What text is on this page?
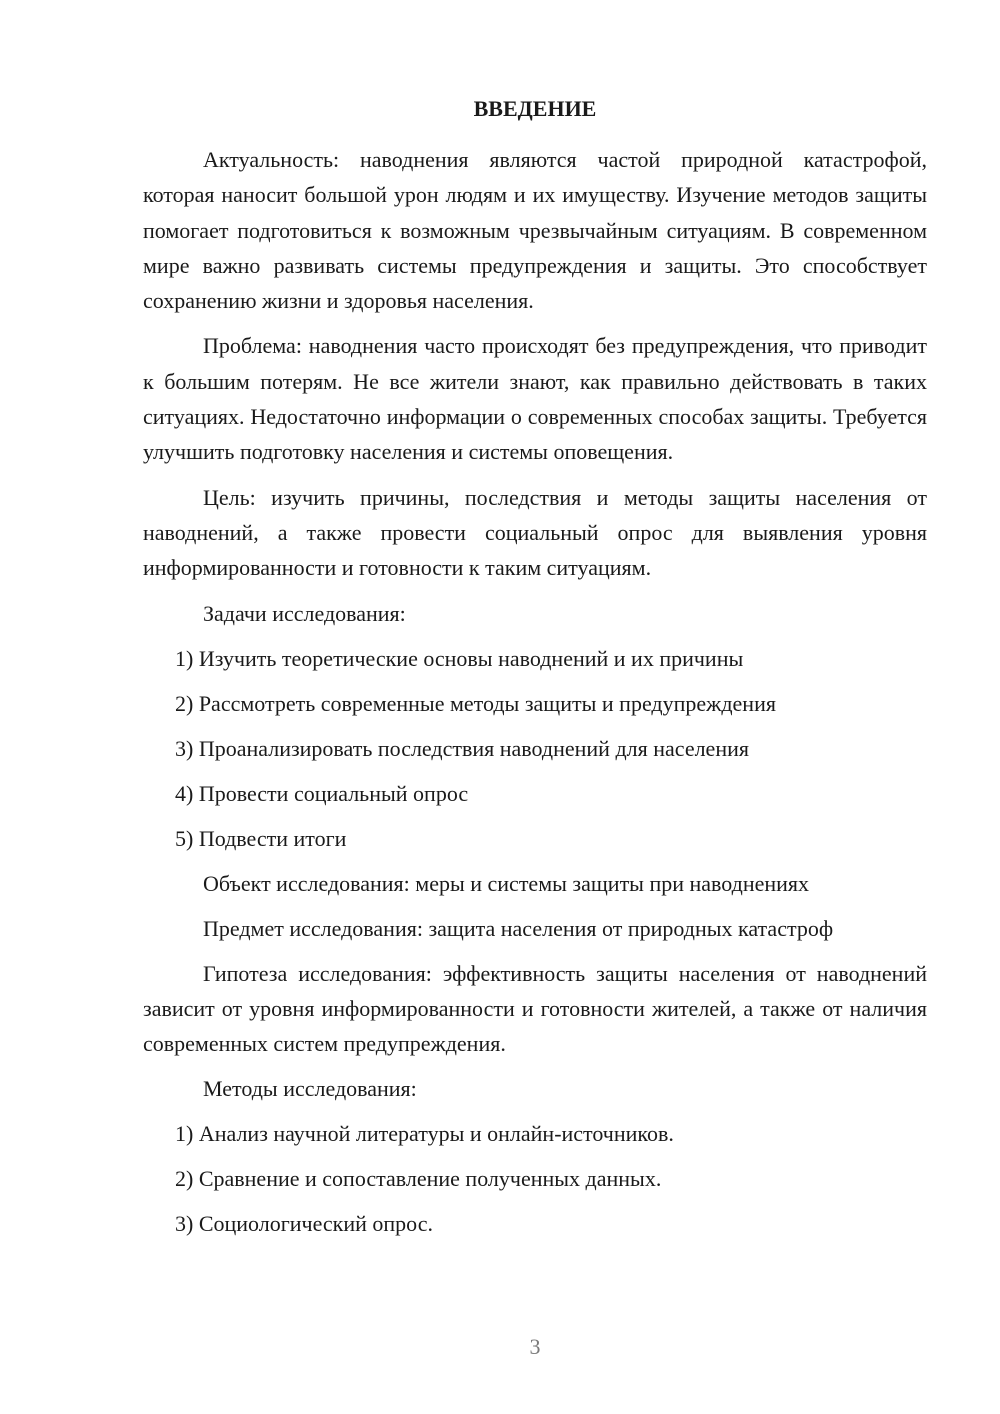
ВВЕДЕНИЕ

Актуальность: наводнения являются частой природной катастрофой, которая наносит большой урон людям и их имуществу. Изучение методов защиты помогает подготовиться к возможным чрезвычайным ситуациям. В современном мире важно развивать системы предупреждения и защиты. Это способствует сохранению жизни и здоровья населения.

Проблема: наводнения часто происходят без предупреждения, что приводит к большим потерям. Не все жители знают, как правильно действовать в таких ситуациях. Недостаточно информации о современных способах защиты. Требуется улучшить подготовку населения и системы оповещения.

Цель: изучить причины, последствия и методы защиты населения от наводнений, а также провести социальный опрос для выявления уровня информированности и готовности к таким ситуациям.

Задачи исследования:

1) Изучить теоретические основы наводнений и их причины
2) Рассмотреть современные методы защиты и предупреждения
3) Проанализировать последствия наводнений для населения
4) Провести социальный опрос
5) Подвести итоги

Объект исследования: меры и системы защиты при наводнениях

Предмет исследования: защита населения от природных катастроф

Гипотеза исследования: эффективность защиты населения от наводнений зависит от уровня информированности и готовности жителей, а также от наличия современных систем предупреждения.

Методы исследования:

1) Анализ научной литературы и онлайн-источников.
2) Сравнение и сопоставление полученных данных.
3) Социологический опрос.
3
